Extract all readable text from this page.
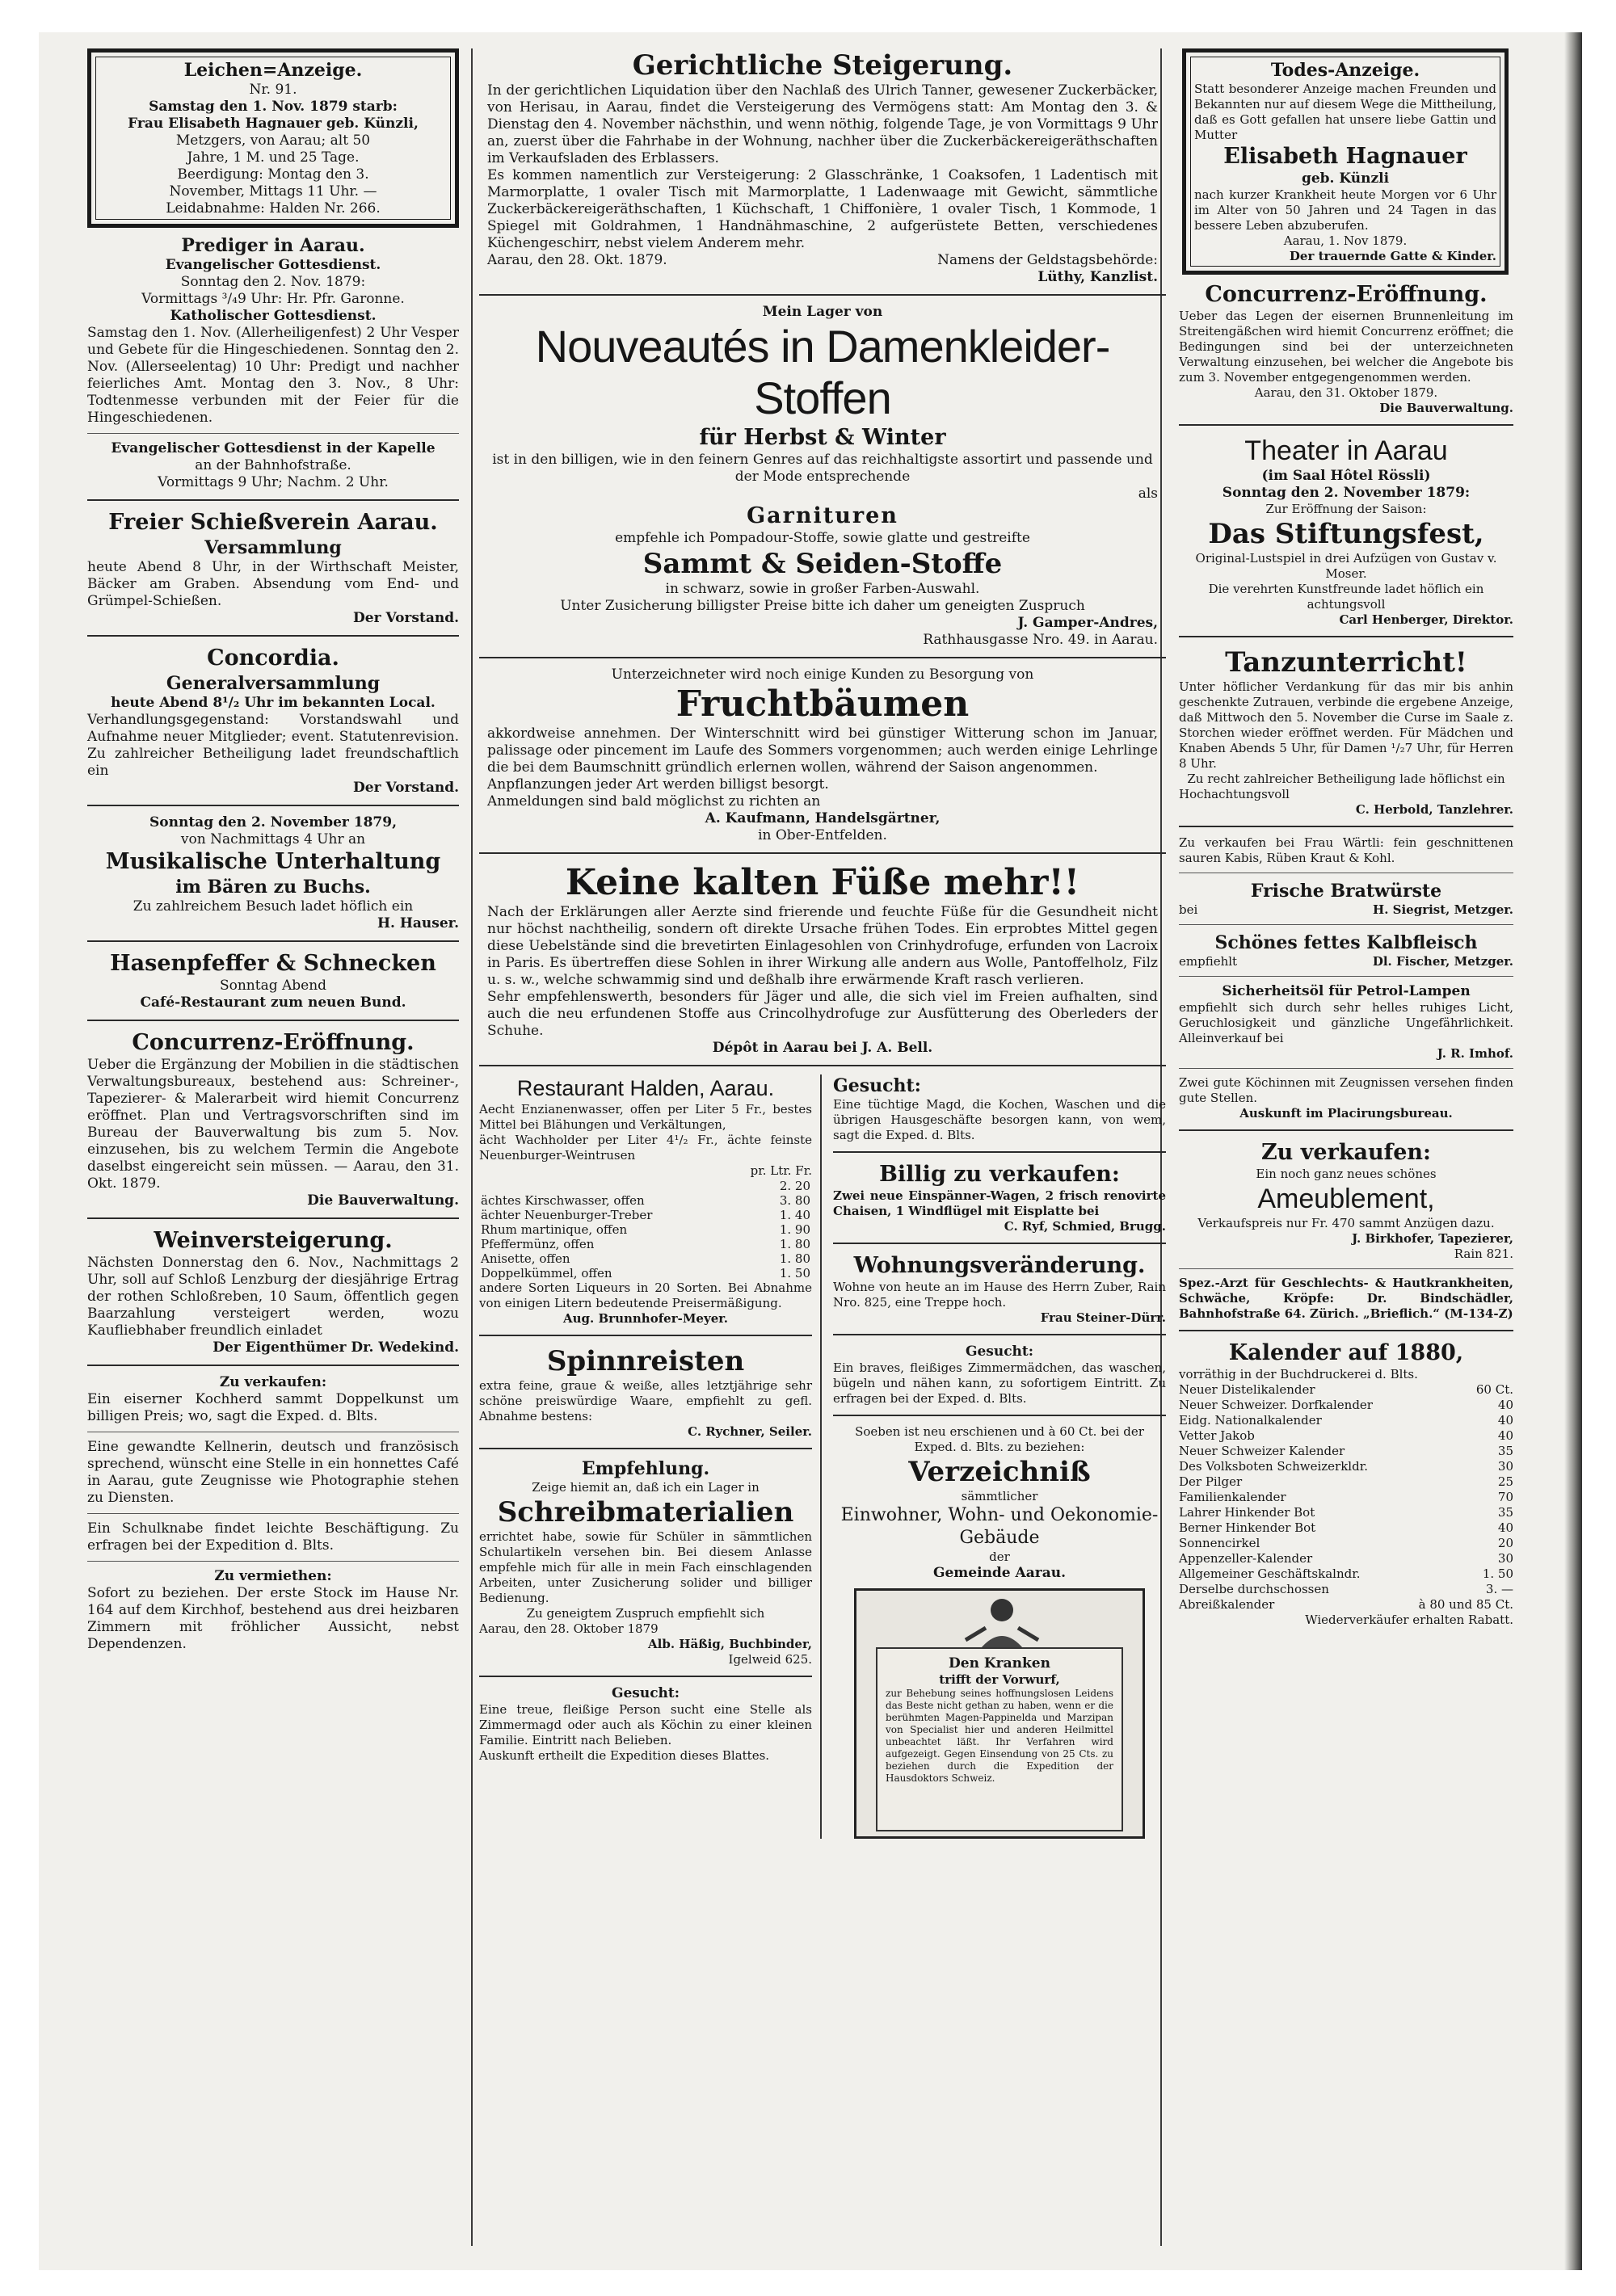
Leichen=Anzeige.
Nr. 91.
Samstag den 1. Nov. 1879 starb:
Frau Elisabeth Hagnauer geb. Künzli,
Metzgers, von Aarau; alt 50
Jahre, 1 M. und 25 Tage.
Beerdigung: Montag den 3.
November, Mittags 11 Uhr. —
Leidabnahme: Halden Nr. 266.
Prediger in Aarau.
Evangelischer Gottesdienst.
Sonntag den 2. Nov. 1879:
Vormittags ³/₄9 Uhr: Hr. Pfr. Garonne.
Katholischer Gottesdienst.
Samstag den 1. Nov. (Allerheiligenfest) 2 Uhr Vesper und Gebete für die Hingeschiedenen. Sonntag den 2. Nov. (Allerseelentag) 10 Uhr: Predigt und nachher feierliches Amt. Montag den 3. Nov., 8 Uhr: Todtenmesse verbunden mit der Feier für die Hingeschiedenen.
Evangelischer Gottesdienst in der Kapelle
an der Bahnhofstraße.
Vormittags 9 Uhr; Nachm. 2 Uhr.
Freier Schießverein Aarau.
Versammlung
heute Abend 8 Uhr, in der Wirthschaft Meister, Bäcker am Graben. Absendung vom End- und Grümpel-Schießen.
Der Vorstand.
Concordia.
Generalversammlung
heute Abend 8¹/₂ Uhr im bekannten Local.
Verhandlungsgegenstand: Vorstandswahl und Aufnahme neuer Mitglieder; event. Statutenrevision. Zu zahlreicher Betheiligung ladet freundschaftlich ein
Der Vorstand.
Sonntag den 2. November 1879,
von Nachmittags 4 Uhr an
Musikalische Unterhaltung
im Bären zu Buchs.
Zu zahlreichem Besuch ladet höflich ein
H. Hauser.
Hasenpfeffer & Schnecken
Sonntag Abend
Café-Restaurant zum neuen Bund.
Concurrenz-Eröffnung.
Ueber die Ergänzung der Mobilien in die städtischen Verwaltungsbureaux, bestehend aus: Schreiner-, Tapezierer- & Malerarbeit wird hiemit Concurrenz eröffnet. Plan und Vertragsvorschriften sind im Bureau der Bauverwaltung bis zum 5. Nov. einzusehen, bis zu welchem Termin die Angebote daselbst eingereicht sein müssen. — Aarau, den 31. Okt. 1879.
Die Bauverwaltung.
Weinversteigerung.
Nächsten Donnerstag den 6. Nov., Nachmittags 2 Uhr, soll auf Schloß Lenzburg der diesjährige Ertrag der rothen Schloßreben, 10 Saum, öffentlich gegen Baarzahlung versteigert werden, wozu Kaufliebhaber freundlich einladet
Der Eigenthümer Dr. Wedekind.
Zu verkaufen:
Ein eiserner Kochherd sammt Doppelkunst um billigen Preis; wo, sagt die Exped. d. Blts.
Eine gewandte Kellnerin, deutsch und französisch sprechend, wünscht eine Stelle in ein honnettes Café in Aarau, gute Zeugnisse wie Photographie stehen zu Diensten.
Ein Schulknabe findet leichte Beschäftigung. Zu erfragen bei der Expedition d. Blts.
Zu vermiethen:
Sofort zu beziehen. Der erste Stock im Hause Nr. 164 auf dem Kirchhof, bestehend aus drei heizbaren Zimmern mit fröhlicher Aussicht, nebst Dependenzen.
Gerichtliche Steigerung.
In der gerichtlichen Liquidation über den Nachlaß des Ulrich Tanner, gewesener Zuckerbäcker, von Herisau, in Aarau, findet die Versteigerung des Vermögens statt: Am Montag den 3. & Dienstag den 4. November nächsthin, und wenn nöthig, folgende Tage, je von Vormittags 9 Uhr an, zuerst über die Fahrhabe in der Wohnung, nachher über die Zuckerbäckereigeräthschaften im Verkaufsladen des Erblassers.
Es kommen namentlich zur Versteigerung: 2 Glasschränke, 1 Coaksofen, 1 Ladentisch mit Marmorplatte, 1 ovaler Tisch mit Marmorplatte, 1 Ladenwaage mit Gewicht, sämmtliche Zuckerbäckereigeräthschaften, 1 Küchschaft, 1 Chiffonière, 1 ovaler Tisch, 1 Kommode, 1 Spiegel mit Goldrahmen, 1 Handnähmaschine, 2 aufgerüstete Betten, verschiedenes Küchengeschirr, nebst vielem Anderem mehr.
Aarau, den 28. Okt. 1879.	Namens der Geldstagsbehörde:
Lüthy, Kanzlist.
Mein Lager von
Nouveautés in Damenkleider-Stoffen
für Herbst & Winter
ist in den billigen, wie in den feinern Genres auf das reichhaltigste assortirt und passende und der Mode entsprechende
als
Garnituren
empfehle ich Pompadour-Stoffe, sowie glatte und gestreifte
Sammt & Seiden-Stoffe
in schwarz, sowie in großer Farben-Auswahl.
Unter Zusicherung billigster Preise bitte ich daher um geneigten Zuspruch
J. Gamper-Andres,
Rathhausgasse Nro. 49. in Aarau.
Unterzeichneter wird noch einige Kunden zu Besorgung von
Fruchtbäumen
akkordweise annehmen. Der Winterschnitt wird bei günstiger Witterung schon im Januar, palissage oder pincement im Laufe des Sommers vorgenommen; auch werden einige Lehrlinge die bei dem Baumschnitt gründlich erlernen wollen, während der Saison angenommen.
Anpflanzungen jeder Art werden billigst besorgt.
Anmeldungen sind bald möglichst zu richten an
A. Kaufmann, Handelsgärtner,
in Ober-Entfelden.
Keine kalten Füße mehr!!
Nach der Erklärungen aller Aerzte sind frierende und feuchte Füße für die Gesundheit nicht nur höchst nachtheilig, sondern oft direkte Ursache frühen Todes. Ein erprobtes Mittel gegen diese Uebelstände sind die brevetirten Einlagesohlen von Crinhydrofuge, erfunden von Lacroix in Paris. Es übertreffen diese Sohlen in ihrer Wirkung alle andern aus Wolle, Pantoffelholz, Filz u. s. w., welche schwammig sind und deßhalb ihre erwärmende Kraft rasch verlieren.
Sehr empfehlenswerth, besonders für Jäger und alle, die sich viel im Freien aufhalten, sind auch die neu erfundenen Stoffe aus Crincolhydrofuge zur Ausfütterung des Oberleders der Schuhe.
Dépôt in Aarau bei J. A. Bell.
Restaurant Halden, Aarau.
Aecht Enzianenwasser, offen per Liter 5 Fr., bestes Mittel bei Blähungen und Verkältungen,
ächt Wachholder per Liter 4¹/₂ Fr., ächte feinste Neuenburger-Weintrusen
pr. Ltr. Fr.
	2. 20
ächtes Kirschwasser, offen	3. 80
ächter Neuenburger-Treber	1. 40
Rhum martinique, offen	1. 90
Pfeffermünz, offen	1. 80
Anisette, offen	1. 80
Doppelkümmel, offen	1. 50
andere Sorten Liqueurs in 20 Sorten. Bei Abnahme von einigen Litern bedeutende Preisermäßigung.
Aug. Brunnhofer-Meyer.
Spinnreisten
extra feine, graue & weiße, alles letztjährige sehr schöne preiswürdige Waare, empfiehlt zu gefl. Abnahme bestens:
C. Rychner, Seiler.
Empfehlung.
Zeige hiemit an, daß ich ein Lager in
Schreibmaterialien
errichtet habe, sowie für Schüler in sämmtlichen Schulartikeln versehen bin. Bei diesem Anlasse empfehle mich für alle in mein Fach einschlagenden Arbeiten, unter Zusicherung solider und billiger Bedienung.
Zu geneigtem Zuspruch empfiehlt sich
Aarau, den 28. Oktober 1879
Alb. Häßig, Buchbinder,
Igelweid 625.
Gesucht:
Eine treue, fleißige Person sucht eine Stelle als Zimmermagd oder auch als Köchin zu einer kleinen Familie. Eintritt nach Belieben.
Auskunft ertheilt die Expedition dieses Blattes.
Gesucht:
Eine tüchtige Magd, die Kochen, Waschen und die übrigen Hausgeschäfte besorgen kann, von wem, sagt die Exped. d. Blts.
Billig zu verkaufen:
Zwei neue Einspänner-Wagen, 2 frisch renovirte Chaisen, 1 Windflügel mit Eisplatte bei
C. Ryf, Schmied, Brugg.
Wohnungsveränderung.
Wohne von heute an im Hause des Herrn Zuber, Rain Nro. 825, eine Treppe hoch.
Frau Steiner-Dürr.
Gesucht:
Ein braves, fleißiges Zimmermädchen, das waschen, bügeln und nähen kann, zu sofortigem Eintritt. Zu erfragen bei der Exped. d. Blts.
Soeben ist neu erschienen und à 60 Ct. bei der Exped. d. Blts. zu beziehen:
Verzeichniß
sämmtlicher
Einwohner, Wohn- und Oekonomie-Gebäude
der
Gemeinde Aarau.
Den Kranken
trifft der Vorwurf,
zur Behebung seines hoffnungslosen Leidens das Beste nicht gethan zu haben, wenn er die berühmten Magen-Pappinelda und Marzipan von Specialist hier und anderen Heilmittel unbeachtet läßt. Ihr Verfahren wird aufgezeigt. Gegen Einsendung von 25 Cts. zu beziehen durch die Expedition der Hausdoktors Schweiz.
Todes-Anzeige.
Statt besonderer Anzeige machen Freunden und Bekannten nur auf diesem Wege die Mittheilung, daß es Gott gefallen hat unsere liebe Gattin und Mutter
Elisabeth Hagnauer
geb. Künzli
nach kurzer Krankheit heute Morgen vor 6 Uhr im Alter von 50 Jahren und 24 Tagen in das bessere Leben abzuberufen.
Aarau, 1. Nov 1879.
Der trauernde Gatte & Kinder.
Concurrenz-Eröffnung.
Ueber das Legen der eisernen Brunnenleitung im Streitengäßchen wird hiemit Concurrenz eröffnet; die Bedingungen sind bei der unterzeichneten Verwaltung einzusehen, bei welcher die Angebote bis zum 3. November entgegengenommen werden.
Aarau, den 31. Oktober 1879.
Die Bauverwaltung.
Theater in Aarau
(im Saal Hôtel Rössli)
Sonntag den 2. November 1879:
Zur Eröffnung der Saison:
Das Stiftungsfest,
Original-Lustspiel in drei Aufzügen von Gustav v. Moser.
Die verehrten Kunstfreunde ladet höflich ein
achtungsvoll
Carl Henberger, Direktor.
Tanzunterricht!
Unter höflicher Verdankung für das mir bis anhin geschenkte Zutrauen, verbinde die ergebene Anzeige, daß Mittwoch den 5. November die Curse im Saale z. Storchen wieder eröffnet werden. Für Mädchen und Knaben Abends 5 Uhr, für Damen ¹/₂7 Uhr, für Herren 8 Uhr.
Zu recht zahlreicher Betheiligung lade höflichst ein
Hochachtungsvoll
C. Herbold, Tanzlehrer.
Zu verkaufen bei Frau Wärtli: fein geschnittenen sauren Kabis, Rüben Kraut & Kohl.
Frische Bratwürste
bei	H. Siegrist, Metzger.
Schönes fettes Kalbfleisch
empfiehlt	Dl. Fischer, Metzger.
Sicherheitsöl für Petrol-Lampen
empfiehlt sich durch sehr helles ruhiges Licht, Geruchlosigkeit und gänzliche Ungefährlichkeit. Alleinverkauf bei
J. R. Imhof.
Zwei gute Köchinnen mit Zeugnissen versehen finden gute Stellen.
Auskunft im Placirungsbureau.
Zu verkaufen:
Ein noch ganz neues schönes
Ameublement,
Verkaufspreis nur Fr. 470 sammt Anzügen dazu.
J. Birkhofer, Tapezierer,
Rain 821.
Spez.-Arzt für Geschlechts- & Hautkrankheiten, Schwäche, Kröpfe: Dr. Bindschädler, Bahnhofstraße 64. Zürich. „Brieflich.“ (M-134-Z)
Kalender auf 1880,
vorräthig in der Buchdruckerei d. Blts.
Neuer Distelikalender	60 Ct.
Neuer Schweizer. Dorfkalender	40
Eidg. Nationalkalender	40
Vetter Jakob	40
Neuer Schweizer Kalender	35
Des Volksboten Schweizerkldr.	30
Der Pilger	25
Familienkalender	70
Lahrer Hinkender Bot	35
Berner Hinkender Bot	40
Sonnencirkel	20
Appenzeller-Kalender	30
Allgemeiner Geschäftskalndr.	1. 50
Derselbe durchschossen	3. —
Abreißkalender	à 80 und 85 Ct.
Wiederverkäufer erhalten Rabatt.
